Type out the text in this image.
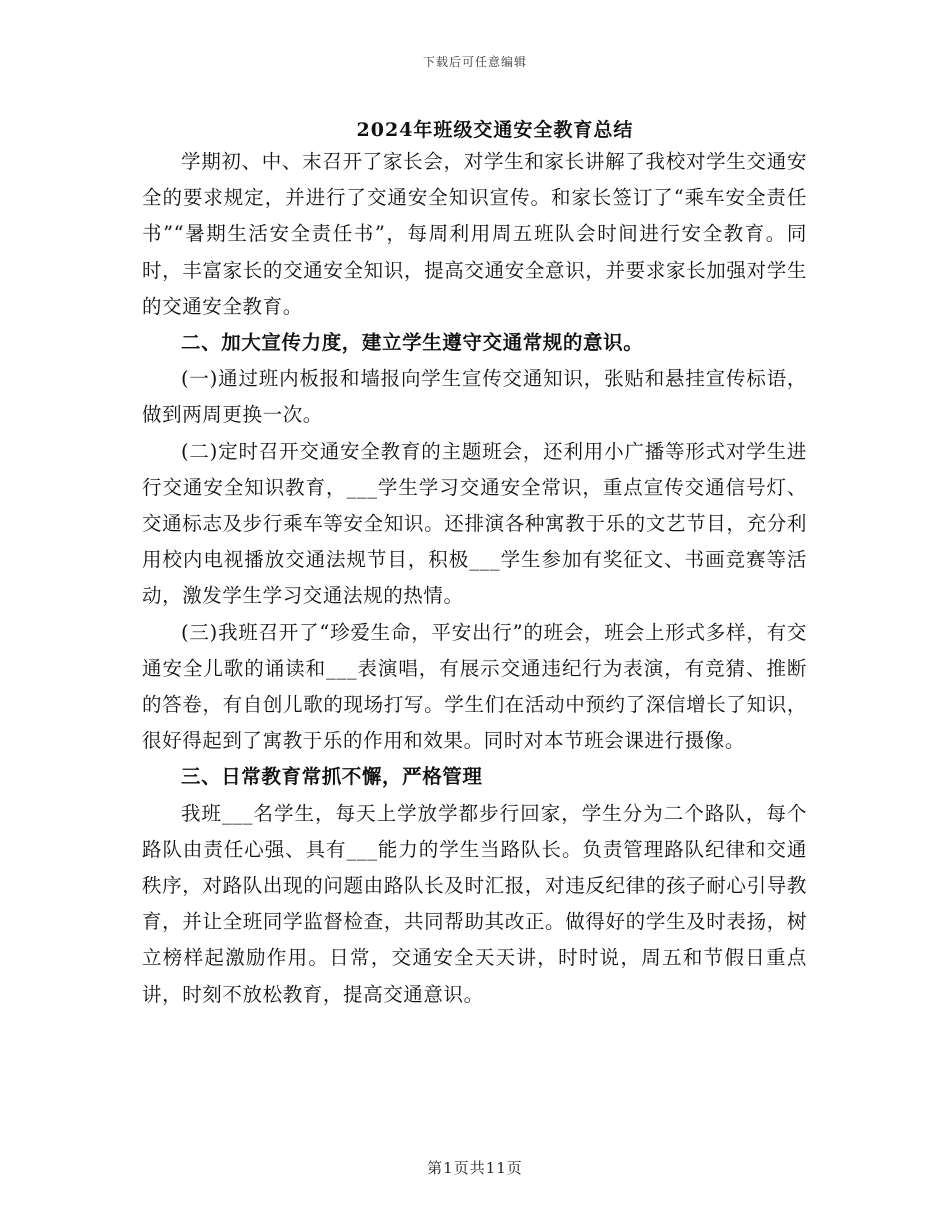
下载后可任意编辑
2024年班级交通安全教育总结

学期初、中、末召开了家长会，对学生和家长讲解了我校对学生交通安全的要求规定，并进行了交通安全知识宣传。和家长签订了“乘车安全责任书”“暑期生活安全责任书”，每周利用周五班队会时间进行安全教育。同时，丰富家长的交通安全知识，提高交通安全意识，并要求家长加强对学生的交通安全教育。

二、加大宣传力度，建立学生遵守交通常规的意识。

(一)通过班内板报和墙报向学生宣传交通知识，张贴和悬挂宣传标语，做到两周更换一次。

(二)定时召开交通安全教育的主题班会，还利用小广播等形式对学生进行交通安全知识教育，___学生学习交通安全常识，重点宣传交通信号灯、交通标志及步行乘车等安全知识。还排演各种寓教于乐的文艺节目，充分利用校内电视播放交通法规节目，积极___学生参加有奖征文、书画竞赛等活动，激发学生学习交通法规的热情。

(三)我班召开了“珍爱生命，平安出行”的班会，班会上形式多样，有交通安全儿歌的诵读和___表演唱，有展示交通违纪行为表演，有竞猜、推断的答卷，有自创儿歌的现场打写。学生们在活动中预约了深信增长了知识，很好得起到了寓教于乐的作用和效果。同时对本节班会课进行摄像。

三、日常教育常抓不懈，严格管理

我班___名学生，每天上学放学都步行回家，学生分为二个路队，每个路队由责任心强、具有___能力的学生当路队长。负责管理路队纪律和交通秩序，对路队出现的问题由路队长及时汇报，对违反纪律的孩子耐心引导教育，并让全班同学监督检查，共同帮助其改正。做得好的学生及时表扬，树立榜样起激励作用。日常，交通安全天天讲，时时说，周五和节假日重点讲，时刻不放松教育，提高交通意识。

第1页共11页
